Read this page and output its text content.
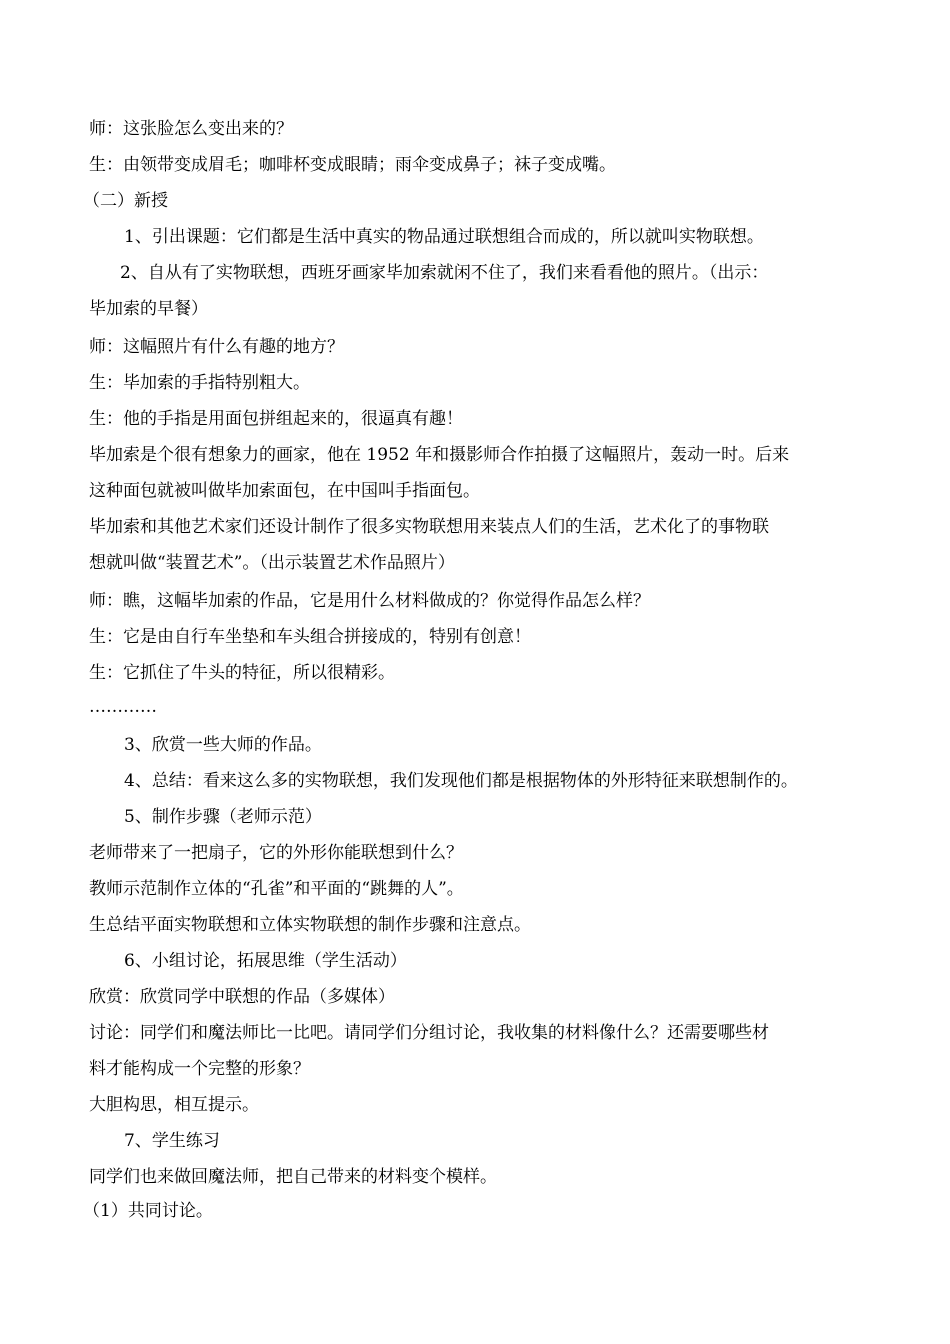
师：这张脸怎么变出来的？
生：由领带变成眉毛；咖啡杯变成眼睛；雨伞变成鼻子；袜子变成嘴。
（二）新授
1、引出课题：它们都是生活中真实的物品通过联想组合而成的，所以就叫实物联想。
2、自从有了实物联想，西班牙画家毕加索就闲不住了，我们来看看他的照片。（出示：
毕加索的早餐）
师：这幅照片有什么有趣的地方？
生：毕加索的手指特别粗大。
生：他的手指是用面包拼组起来的，很逼真有趣！
毕加索是个很有想象力的画家，他在 1952 年和摄影师合作拍摄了这幅照片，轰动一时。后来
这种面包就被叫做毕加索面包，在中国叫手指面包。
毕加索和其他艺术家们还设计制作了很多实物联想用来装点人们的生活，艺术化了的事物联
想就叫做“装置艺术”。（出示装置艺术作品照片）
师：瞧，这幅毕加索的作品，它是用什么材料做成的？你觉得作品怎么样？
生：它是由自行车坐垫和车头组合拼接成的，特别有创意！
生：它抓住了牛头的特征，所以很精彩。
…………
3、欣赏一些大师的作品。
4、总结：看来这么多的实物联想，我们发现他们都是根据物体的外形特征来联想制作的。
5、制作步骤（老师示范）
老师带来了一把扇子，它的外形你能联想到什么？
教师示范制作立体的“孔雀”和平面的“跳舞的人”。
生总结平面实物联想和立体实物联想的制作步骤和注意点。
6、小组讨论，拓展思维（学生活动）
欣赏：欣赏同学中联想的作品（多媒体）
讨论：同学们和魔法师比一比吧。请同学们分组讨论，我收集的材料像什么？还需要哪些材
料才能构成一个完整的形象？
大胆构思，相互提示。
7、学生练习
同学们也来做回魔法师，把自己带来的材料变个模样。
（1）共同讨论。
